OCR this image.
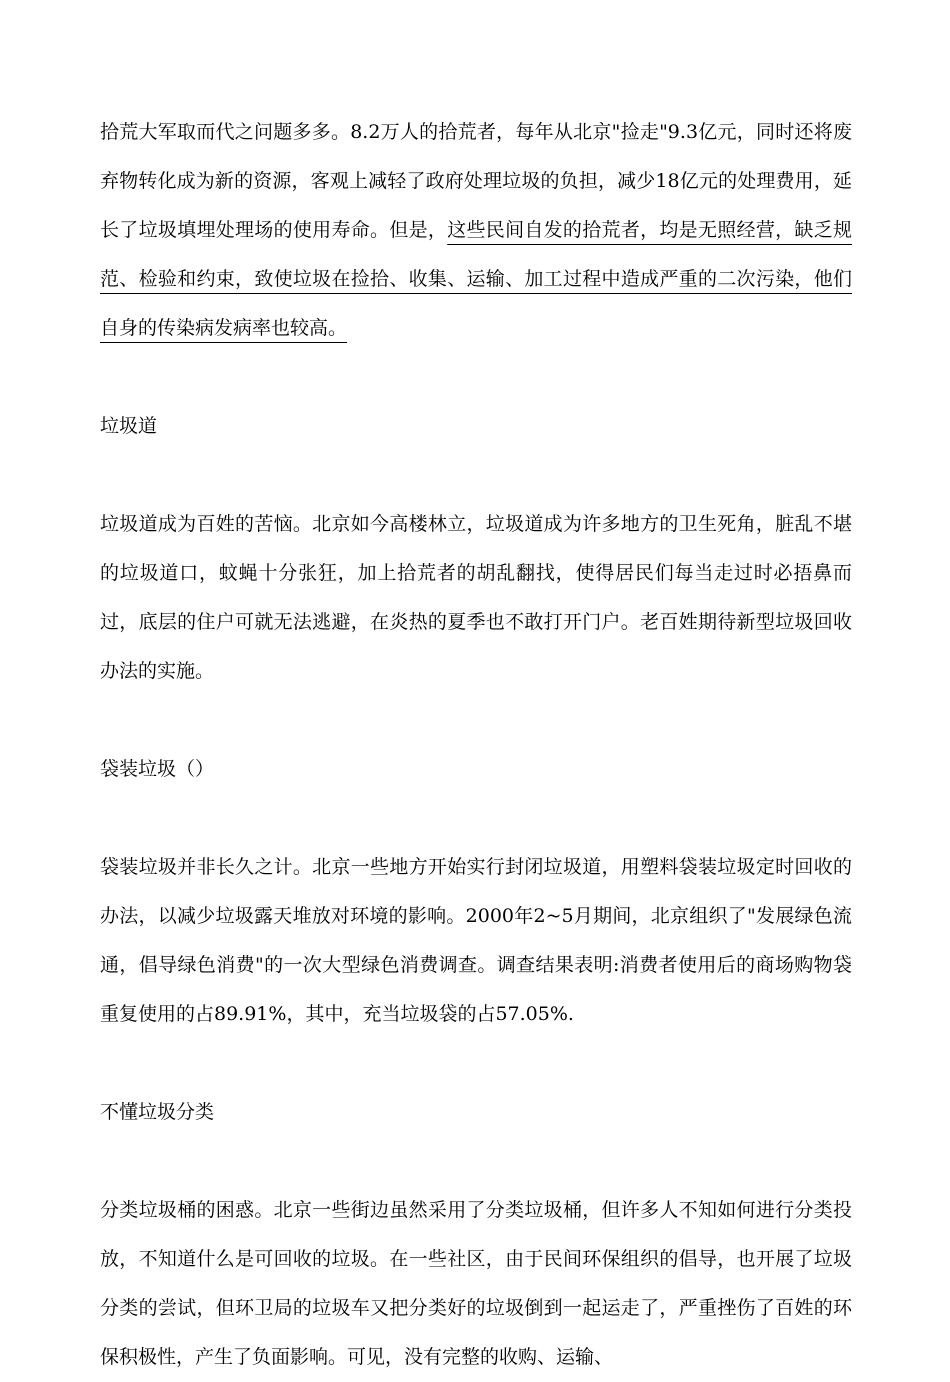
拾荒大军取而代之问题多多。8.2万人的拾荒者，每年从北京"捡走"9.3亿元，同时还将废弃物转化成为新的资源，客观上减轻了政府处理垃圾的负担，减少18亿元的处理费用，延长了垃圾填埋处理场的使用寿命。但是，这些民间自发的拾荒者，均是无照经营，缺乏规范、检验和约束，致使垃圾在捡拾、收集、运输、加工过程中造成严重的二次污染，他们自身的传染病发病率也较高。

垃圾道

垃圾道成为百姓的苦恼。北京如今高楼林立，垃圾道成为许多地方的卫生死角，脏乱不堪的垃圾道口，蚊蝇十分张狂，加上拾荒者的胡乱翻找，使得居民们每当走过时必捂鼻而过，底层的住户可就无法逃避，在炎热的夏季也不敢打开门户。老百姓期待新型垃圾回收办法的实施。

袋装垃圾（）

袋装垃圾并非长久之计。北京一些地方开始实行封闭垃圾道，用塑料袋装垃圾定时回收的办法，以减少垃圾露天堆放对环境的影响。2000年2~5月期间，北京组织了"发展绿色流通，倡导绿色消费"的一次大型绿色消费调查。调查结果表明:消费者使用后的商场购物袋重复使用的占89.91%，其中，充当垃圾袋的占57.05%.

不懂垃圾分类

分类垃圾桶的困惑。北京一些街边虽然采用了分类垃圾桶，但许多人不知如何进行分类投放，不知道什么是可回收的垃圾。在一些社区，由于民间环保组织的倡导，也开展了垃圾分类的尝试，但环卫局的垃圾车又把分类好的垃圾倒到一起运走了，严重挫伤了百姓的环保积极性，产生了负面影响。可见，没有完整的收购、运输、
